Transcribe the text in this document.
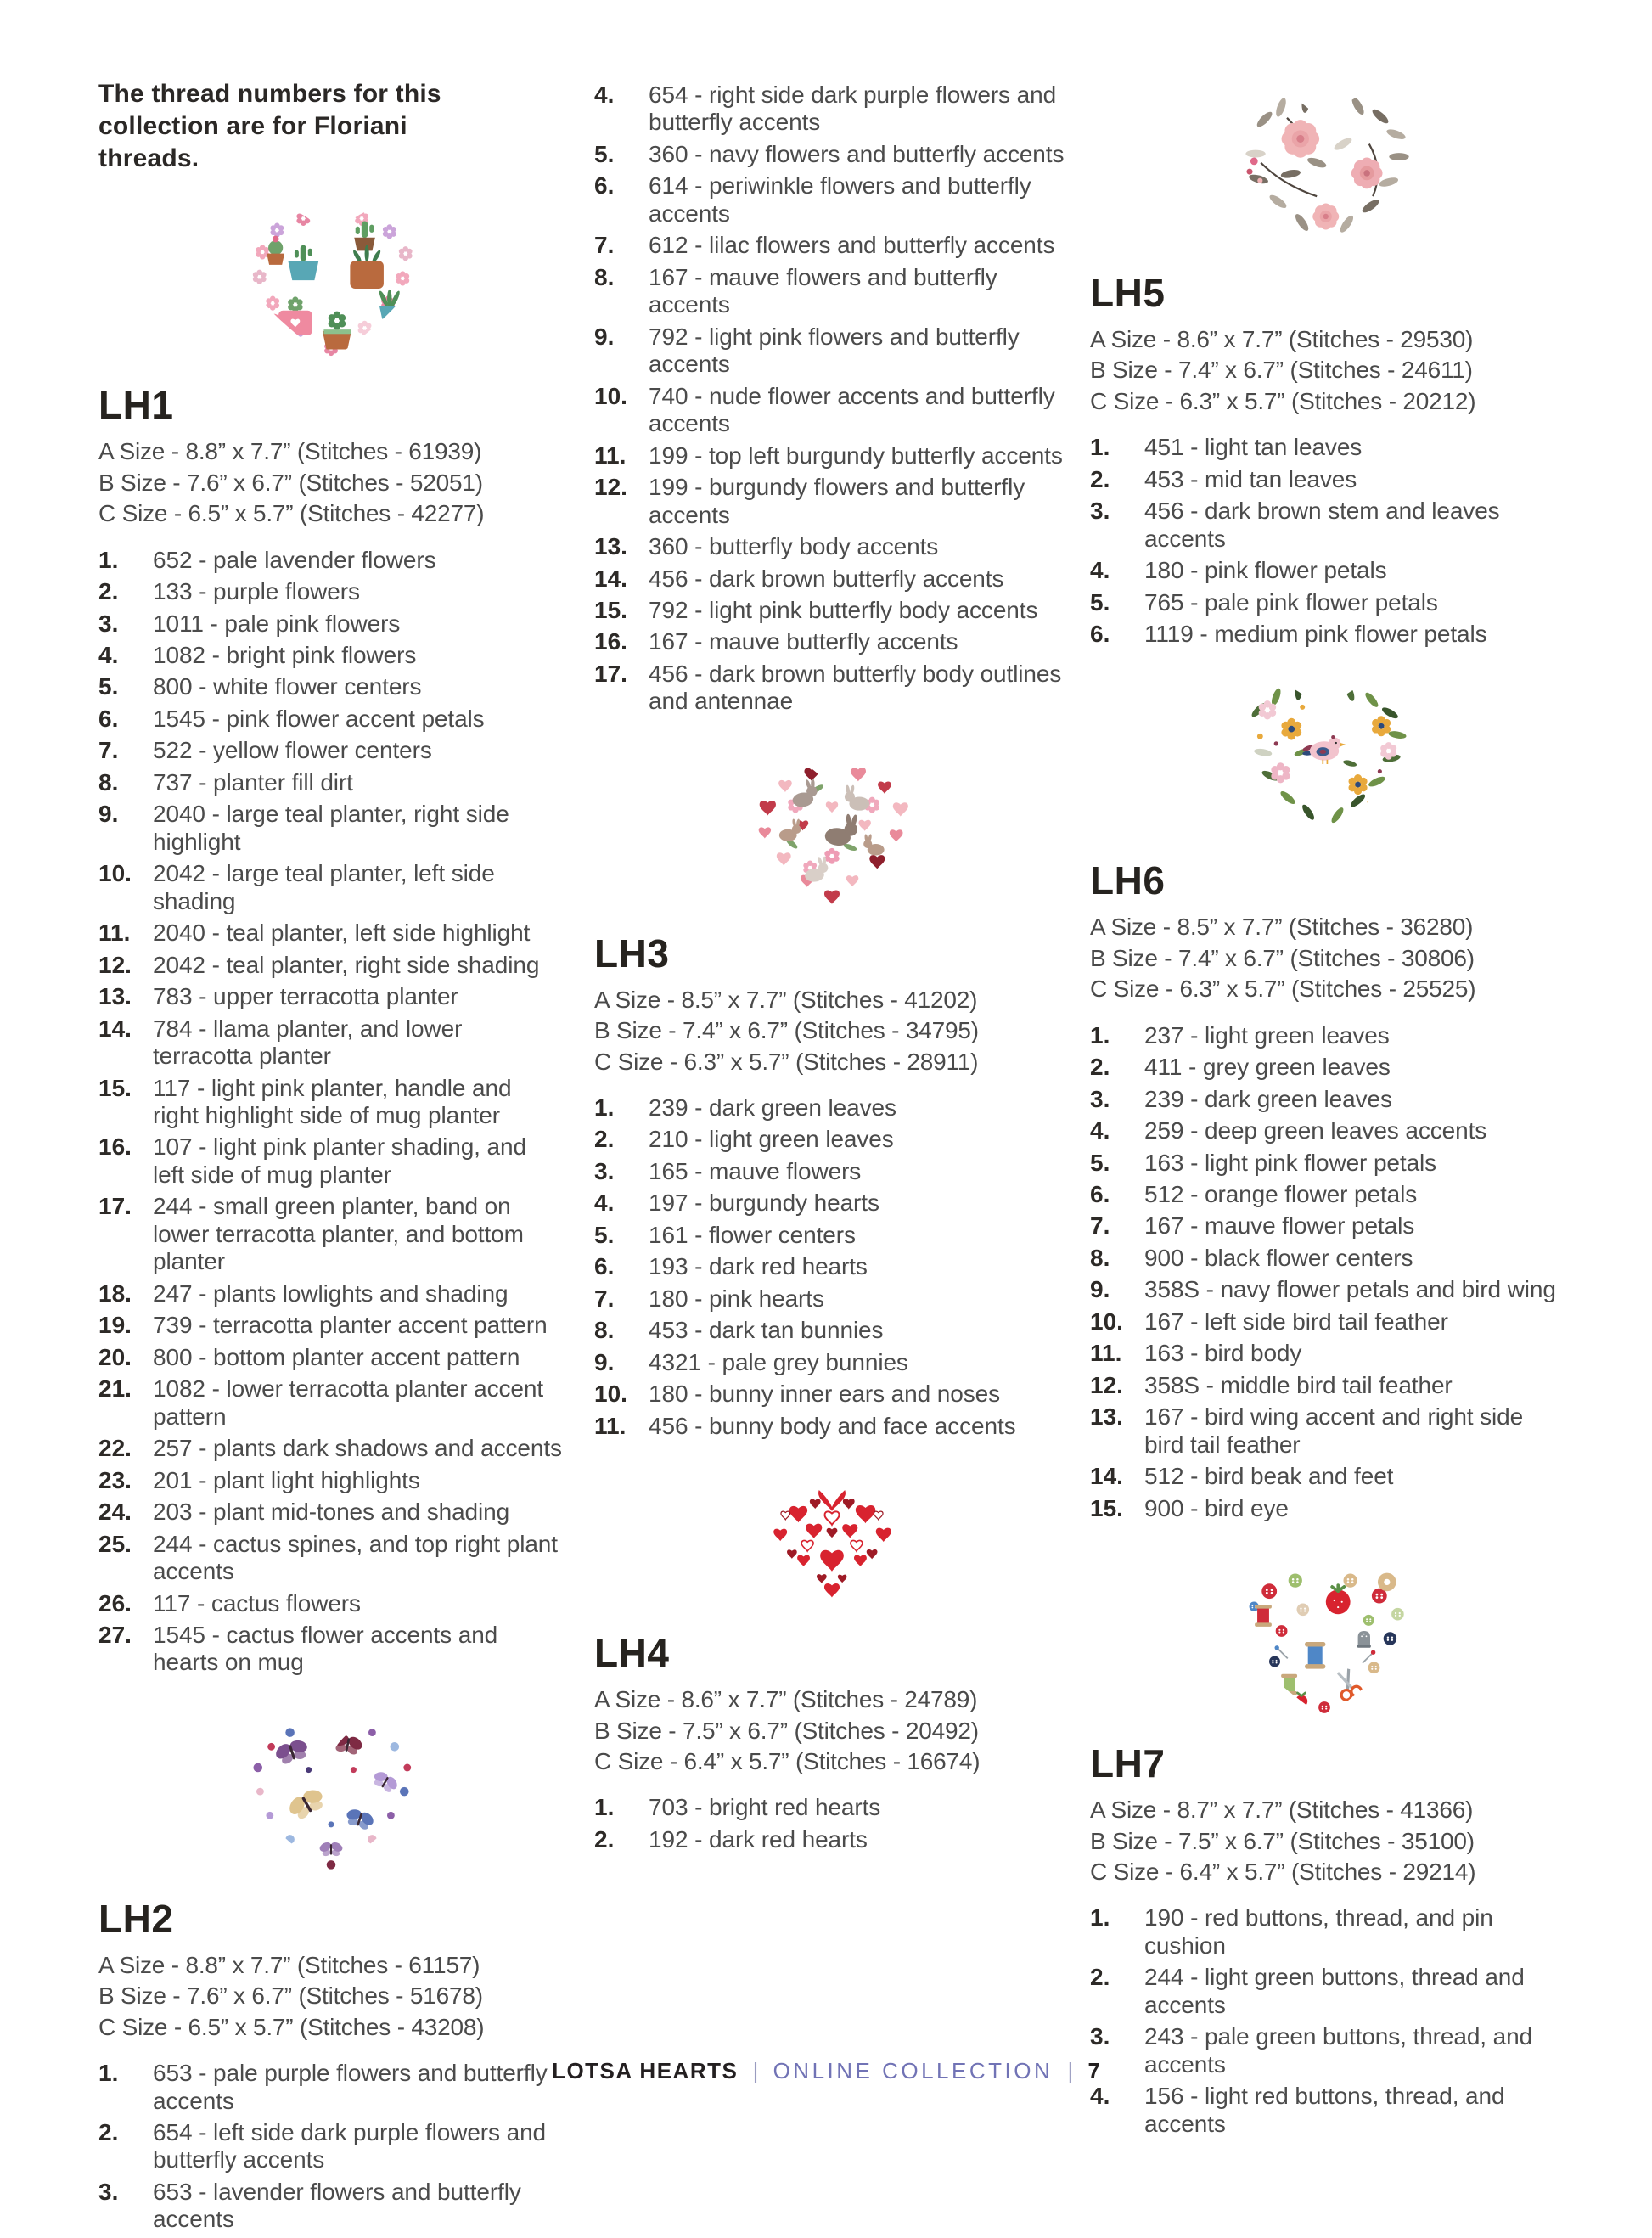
The thread numbers for this collection are for Floriani threads.

LH1
A Size - 8.8” x 7.7” (Stitches - 61939)
B Size - 7.6” x 6.7” (Stitches - 52051)
C Size - 6.5” x 5.7” (Stitches - 42277)
1.	652 - pale lavender flowers
2.	133 - purple flowers
3.	1011 - pale pink flowers
4.	1082 - bright pink flowers
5.	800 - white flower centers
6.	1545 - pink flower accent petals
7.	522 - yellow flower centers
8.	737 - planter fill dirt
9.	2040 - large teal planter, right side highlight
10. 2042 - large teal planter, left side shading
11. 2040 - teal planter, left side highlight
12. 2042 - teal planter, right side shading
13. 783 - upper terracotta planter
14. 784 - llama planter, and lower terracotta planter
15. 117 - light pink planter, handle and right highlight side of mug planter
16. 107 - light pink planter shading, and left side of mug planter
17. 244 - small green planter, band on lower terracotta planter, and bottom planter
18. 247 - plants lowlights and shading
19. 739 - terracotta planter accent pattern
20. 800 - bottom planter accent pattern
21. 1082 - lower terracotta planter accent pattern
22. 257 - plants dark shadows and accents
23. 201 - plant light highlights
24. 203 - plant mid-tones and shading
25. 244 - cactus spines, and top right plant accents
26. 117 - cactus flowers
27. 1545 - cactus flower accents and hearts on mug
LH2
A Size - 8.8” x 7.7” (Stitches - 61157)
B Size - 7.6” x 6.7” (Stitches - 51678)
C Size - 6.5” x 5.7” (Stitches - 43208)
1.	653 - pale purple flowers and butterfly accents
2.	654 - left side dark purple flowers and butterfly accents
3.	653 - lavender flowers and butterfly accents
4.	654 - right side dark purple flowers and butterfly accents
5.	360 - navy flowers and butterfly accents
6.	614 - periwinkle flowers and butterfly accents
7.	612 - lilac flowers and butterfly accents
8.	167 - mauve flowers and butterfly accents
9.	792 - light pink flowers and butterfly accents
10. 740 - nude flower accents and butterfly accents
11. 199 - top left burgundy butterfly accents
12. 199 - burgundy flowers and butterfly accents
13. 360 - butterfly body accents
14. 456 - dark brown butterfly accents
15. 792 - light pink butterfly body accents
16. 167 - mauve butterfly accents
17. 456 - dark brown butterfly body outlines and antennae
LH3
A Size - 8.5” x 7.7” (Stitches - 41202)
B Size - 7.4” x 6.7” (Stitches - 34795)
C Size - 6.3” x 5.7” (Stitches - 28911)
1.	239 - dark green leaves
2.	210 - light green leaves
3.	165 - mauve flowers
4.	197 - burgundy hearts
5.	161 - flower centers
6.	193 - dark red hearts
7.	180 - pink hearts
8.	453 - dark tan bunnies
9.	4321 - pale grey bunnies
10. 180 - bunny inner ears and noses
11. 456 - bunny body and face accents
LH4
A Size - 8.6” x 7.7” (Stitches - 24789)
B Size - 7.5” x 6.7” (Stitches - 20492)
C Size - 6.4” x 5.7” (Stitches - 16674)
1.	703 - bright red hearts
2.	192 - dark red hearts
LH5
A Size - 8.6” x 7.7” (Stitches - 29530)
B Size - 7.4” x 6.7” (Stitches - 24611)
C Size - 6.3” x 5.7” (Stitches - 20212)
1.	451 - light tan leaves
2.	453 - mid tan leaves
3.	456 - dark brown stem and leaves accents
4.	180 - pink flower petals
5.	765 - pale pink flower petals
6.	1119 - medium pink flower petals
LH6
A Size - 8.5” x 7.7” (Stitches - 36280)
B Size - 7.4” x 6.7” (Stitches - 30806)
C Size - 6.3” x 5.7” (Stitches - 25525)
1.	237 - light green leaves
2.	411 - grey green leaves
3.	239 - dark green leaves
4.	259 - deep green leaves accents
5.	163 - light pink flower petals
6.	512 - orange flower petals
7.	167 - mauve flower petals
8.	900 - black flower centers
9.	358S - navy flower petals and bird wing
10. 167 - left side bird tail feather
11. 163 - bird body
12. 358S - middle bird tail feather
13. 167 - bird wing accent and right side bird tail feather
14. 512 - bird beak and feet
15. 900 - bird eye
LH7
A Size - 8.7” x 7.7” (Stitches - 41366)
B Size - 7.5” x 6.7” (Stitches - 35100)
C Size - 6.4” x 5.7” (Stitches - 29214)
1.	190 - red buttons, thread, and pin cushion
2.	244 - light green buttons, thread and accents
3.	243 - pale green buttons, thread, and accents
4.	156 - light red buttons, thread, and accents
LOTSA HEARTS | ONLINE COLLECTION | 7
